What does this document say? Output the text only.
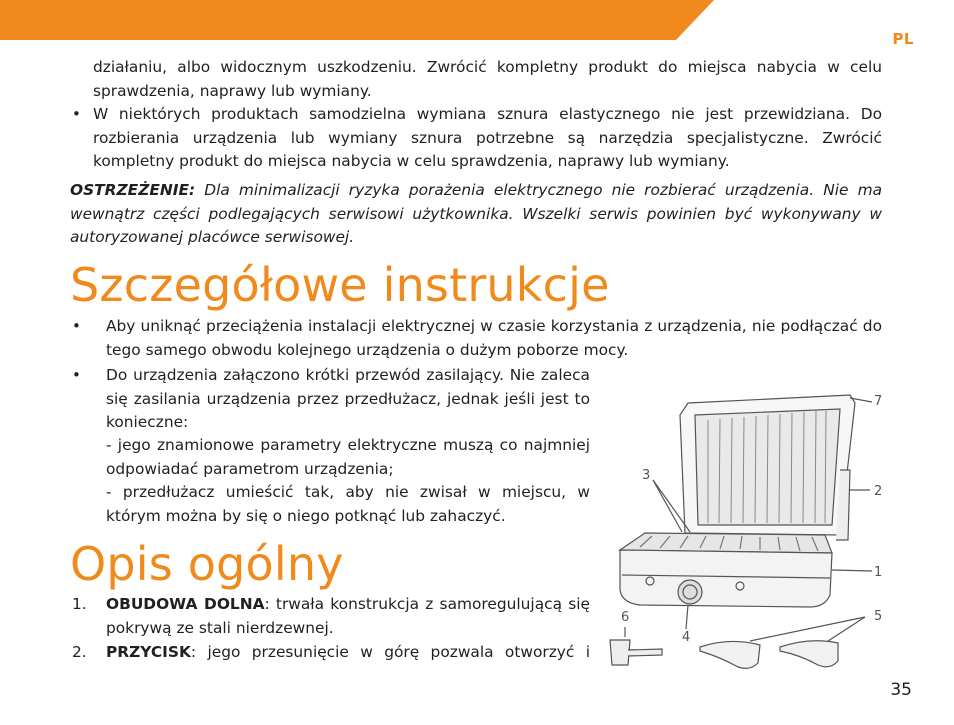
PL
działaniu, albo widocznym uszkodzeniu. Zwrócić kompletny produkt do miejsca nabycia w celu sprawdzenia, naprawy lub wymiany.
• W niektórych produktach samodzielna wymiana sznura elastycznego nie jest przewidziana. Do rozbierania urządzenia lub wymiany sznura potrzebne są narzędzia specjalistyczne. Zwrócić kompletny produkt do miejsca nabycia w celu sprawdzenia, naprawy lub wymiany.
OSTRZEŻENIE: Dla minimalizacji ryzyka porażenia elektrycznego nie rozbierać urządzenia. Nie ma wewnątrz części podlegających serwisowi użytkownika. Wszelki serwis powinien być wykonywany w autoryzowanej placówce serwisowej.
Szczegółowe instrukcje
• Aby uniknąć przeciążenia instalacji elektrycznej w czasie korzystania z urządzenia, nie podłączać do tego samego obwodu kolejnego urządzenia o dużym poborze mocy.
• Do urządzenia załączono krótki przewód zasilający. Nie zaleca się zasilania urządzenia przez przedłużacz, jednak jeśli jest to konieczne:
- jego znamionowe parametry elektryczne muszą co najmniej odpowiadać parametrom urządzenia;
- przedłużacz umieścić tak, aby nie zwisał w miejscu, w którym można by się o niego potknąć lub zahaczyć.
Opis ogólny
1. OBUDOWA DOLNA: trwała konstrukcja z samoregulującą się pokrywą ze stali nierdzewnej.
2. PRZYCISK: jego przesunięcie w górę pozwala otworzyć i
7
2
1
3
5
6
4
35
